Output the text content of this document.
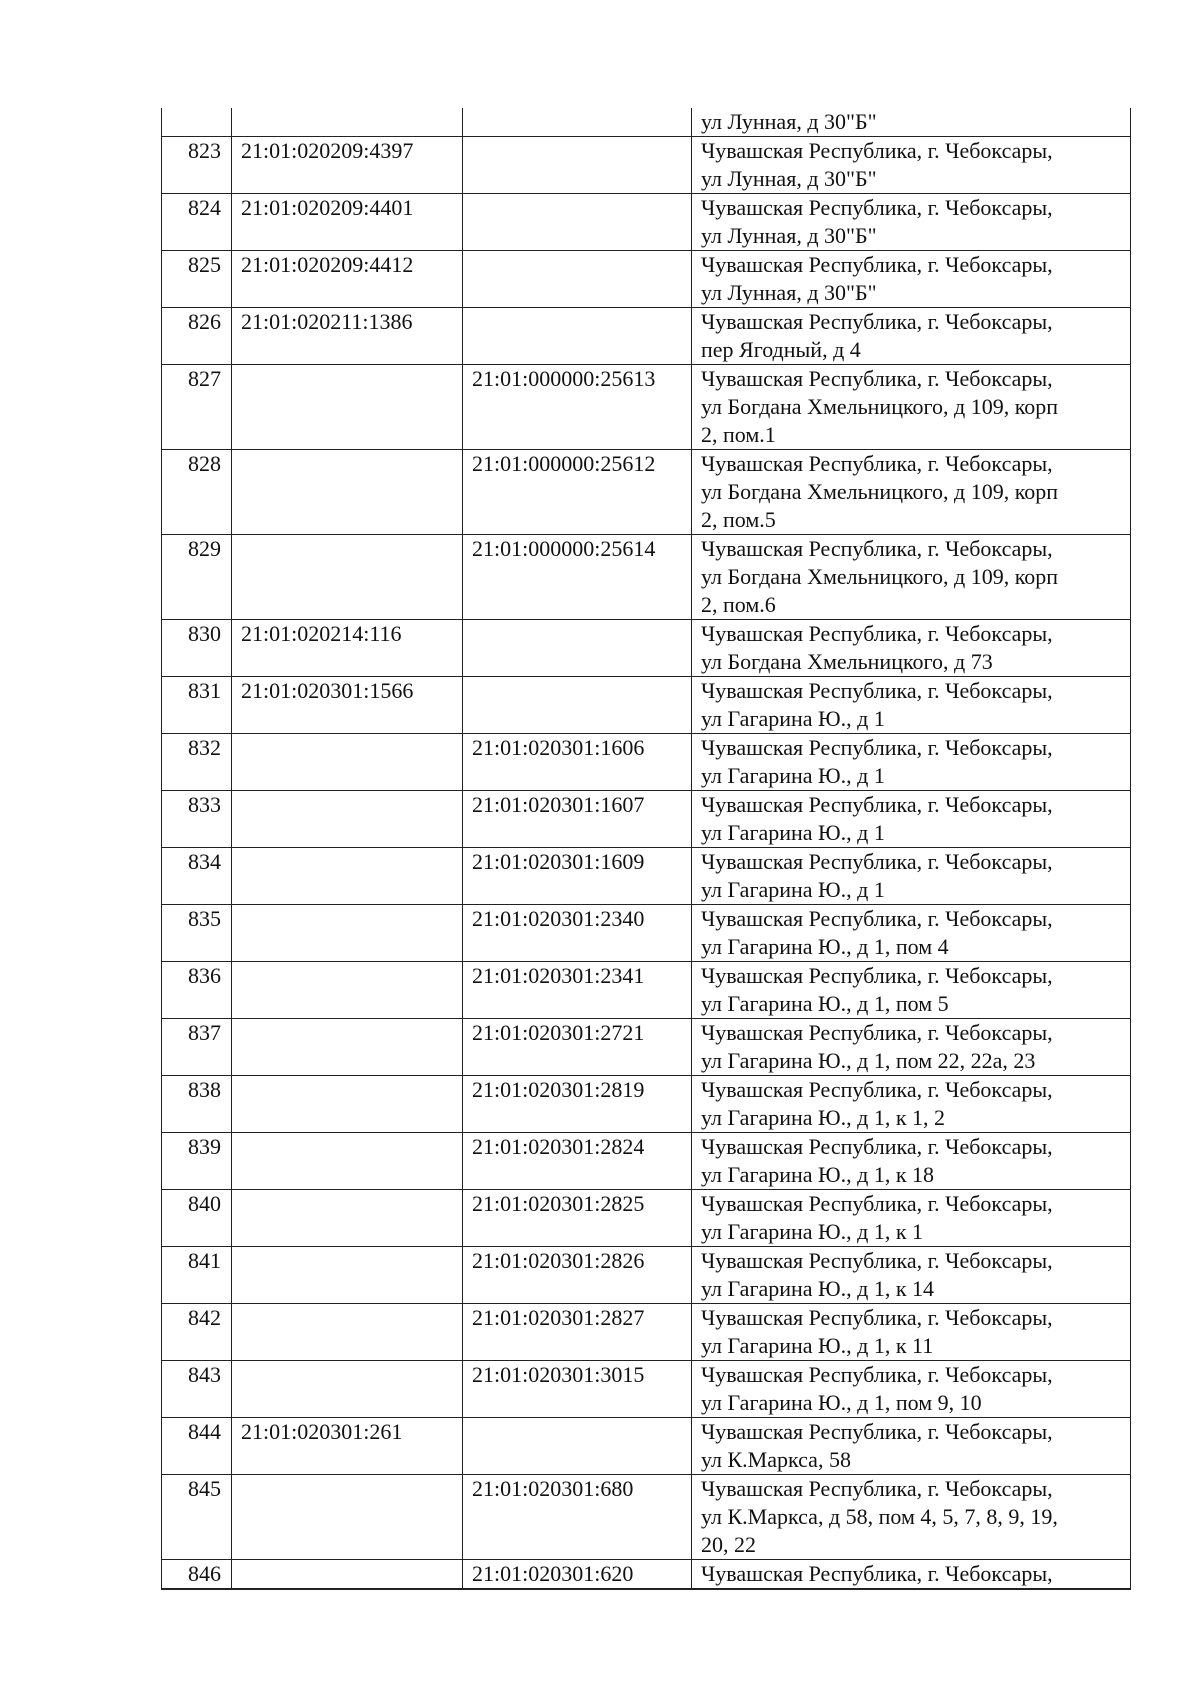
			ул Лунная, д 30"Б"

823	21:01:020209:4397		Чувашская Республика, г. Чебоксары,
ул Лунная, д 30"Б"

824	21:01:020209:4401		Чувашская Республика, г. Чебоксары,
ул Лунная, д 30"Б"

825	21:01:020209:4412		Чувашская Республика, г. Чебоксары,
ул Лунная, д 30"Б"

826	21:01:020211:1386		Чувашская Республика, г. Чебоксары,
пер Ягодный, д 4

827		21:01:000000:25613	Чувашская Республика, г. Чебоксары,
ул Богдана Хмельницкого, д 109, корп
2, пом.1

828		21:01:000000:25612	Чувашская Республика, г. Чебоксары,
ул Богдана Хмельницкого, д 109, корп
2, пом.5

829		21:01:000000:25614	Чувашская Республика, г. Чебоксары,
ул Богдана Хмельницкого, д 109, корп
2, пом.6

830	21:01:020214:116		Чувашская Республика, г. Чебоксары,
ул Богдана Хмельницкого, д 73

831	21:01:020301:1566		Чувашская Республика, г. Чебоксары,
ул Гагарина Ю., д 1

832		21:01:020301:1606	Чувашская Республика, г. Чебоксары,
ул Гагарина Ю., д 1

833		21:01:020301:1607	Чувашская Республика, г. Чебоксары,
ул Гагарина Ю., д 1

834		21:01:020301:1609	Чувашская Республика, г. Чебоксары,
ул Гагарина Ю., д 1

835		21:01:020301:2340	Чувашская Республика, г. Чебоксары,
ул Гагарина Ю., д 1, пом 4

836		21:01:020301:2341	Чувашская Республика, г. Чебоксары,
ул Гагарина Ю., д 1, пом 5

837		21:01:020301:2721	Чувашская Республика, г. Чебоксары,
ул Гагарина Ю., д 1, пом 22, 22а, 23

838		21:01:020301:2819	Чувашская Республика, г. Чебоксары,
ул Гагарина Ю., д 1, к 1, 2

839		21:01:020301:2824	Чувашская Республика, г. Чебоксары,
ул Гагарина Ю., д 1, к 18

840		21:01:020301:2825	Чувашская Республика, г. Чебоксары,
ул Гагарина Ю., д 1, к 1

841		21:01:020301:2826	Чувашская Республика, г. Чебоксары,
ул Гагарина Ю., д 1, к 14

842		21:01:020301:2827	Чувашская Республика, г. Чебоксары,
ул Гагарина Ю., д 1, к 11

843		21:01:020301:3015	Чувашская Республика, г. Чебоксары,
ул Гагарина Ю., д 1, пом 9, 10

844	21:01:020301:261		Чувашская Республика, г. Чебоксары,
ул К.Маркса, 58

845		21:01:020301:680	Чувашская Республика, г. Чебоксары,
ул К.Маркса, д 58, пом 4, 5, 7, 8, 9, 19,
20, 22

846		21:01:020301:620	Чувашская Республика, г. Чебоксары,
